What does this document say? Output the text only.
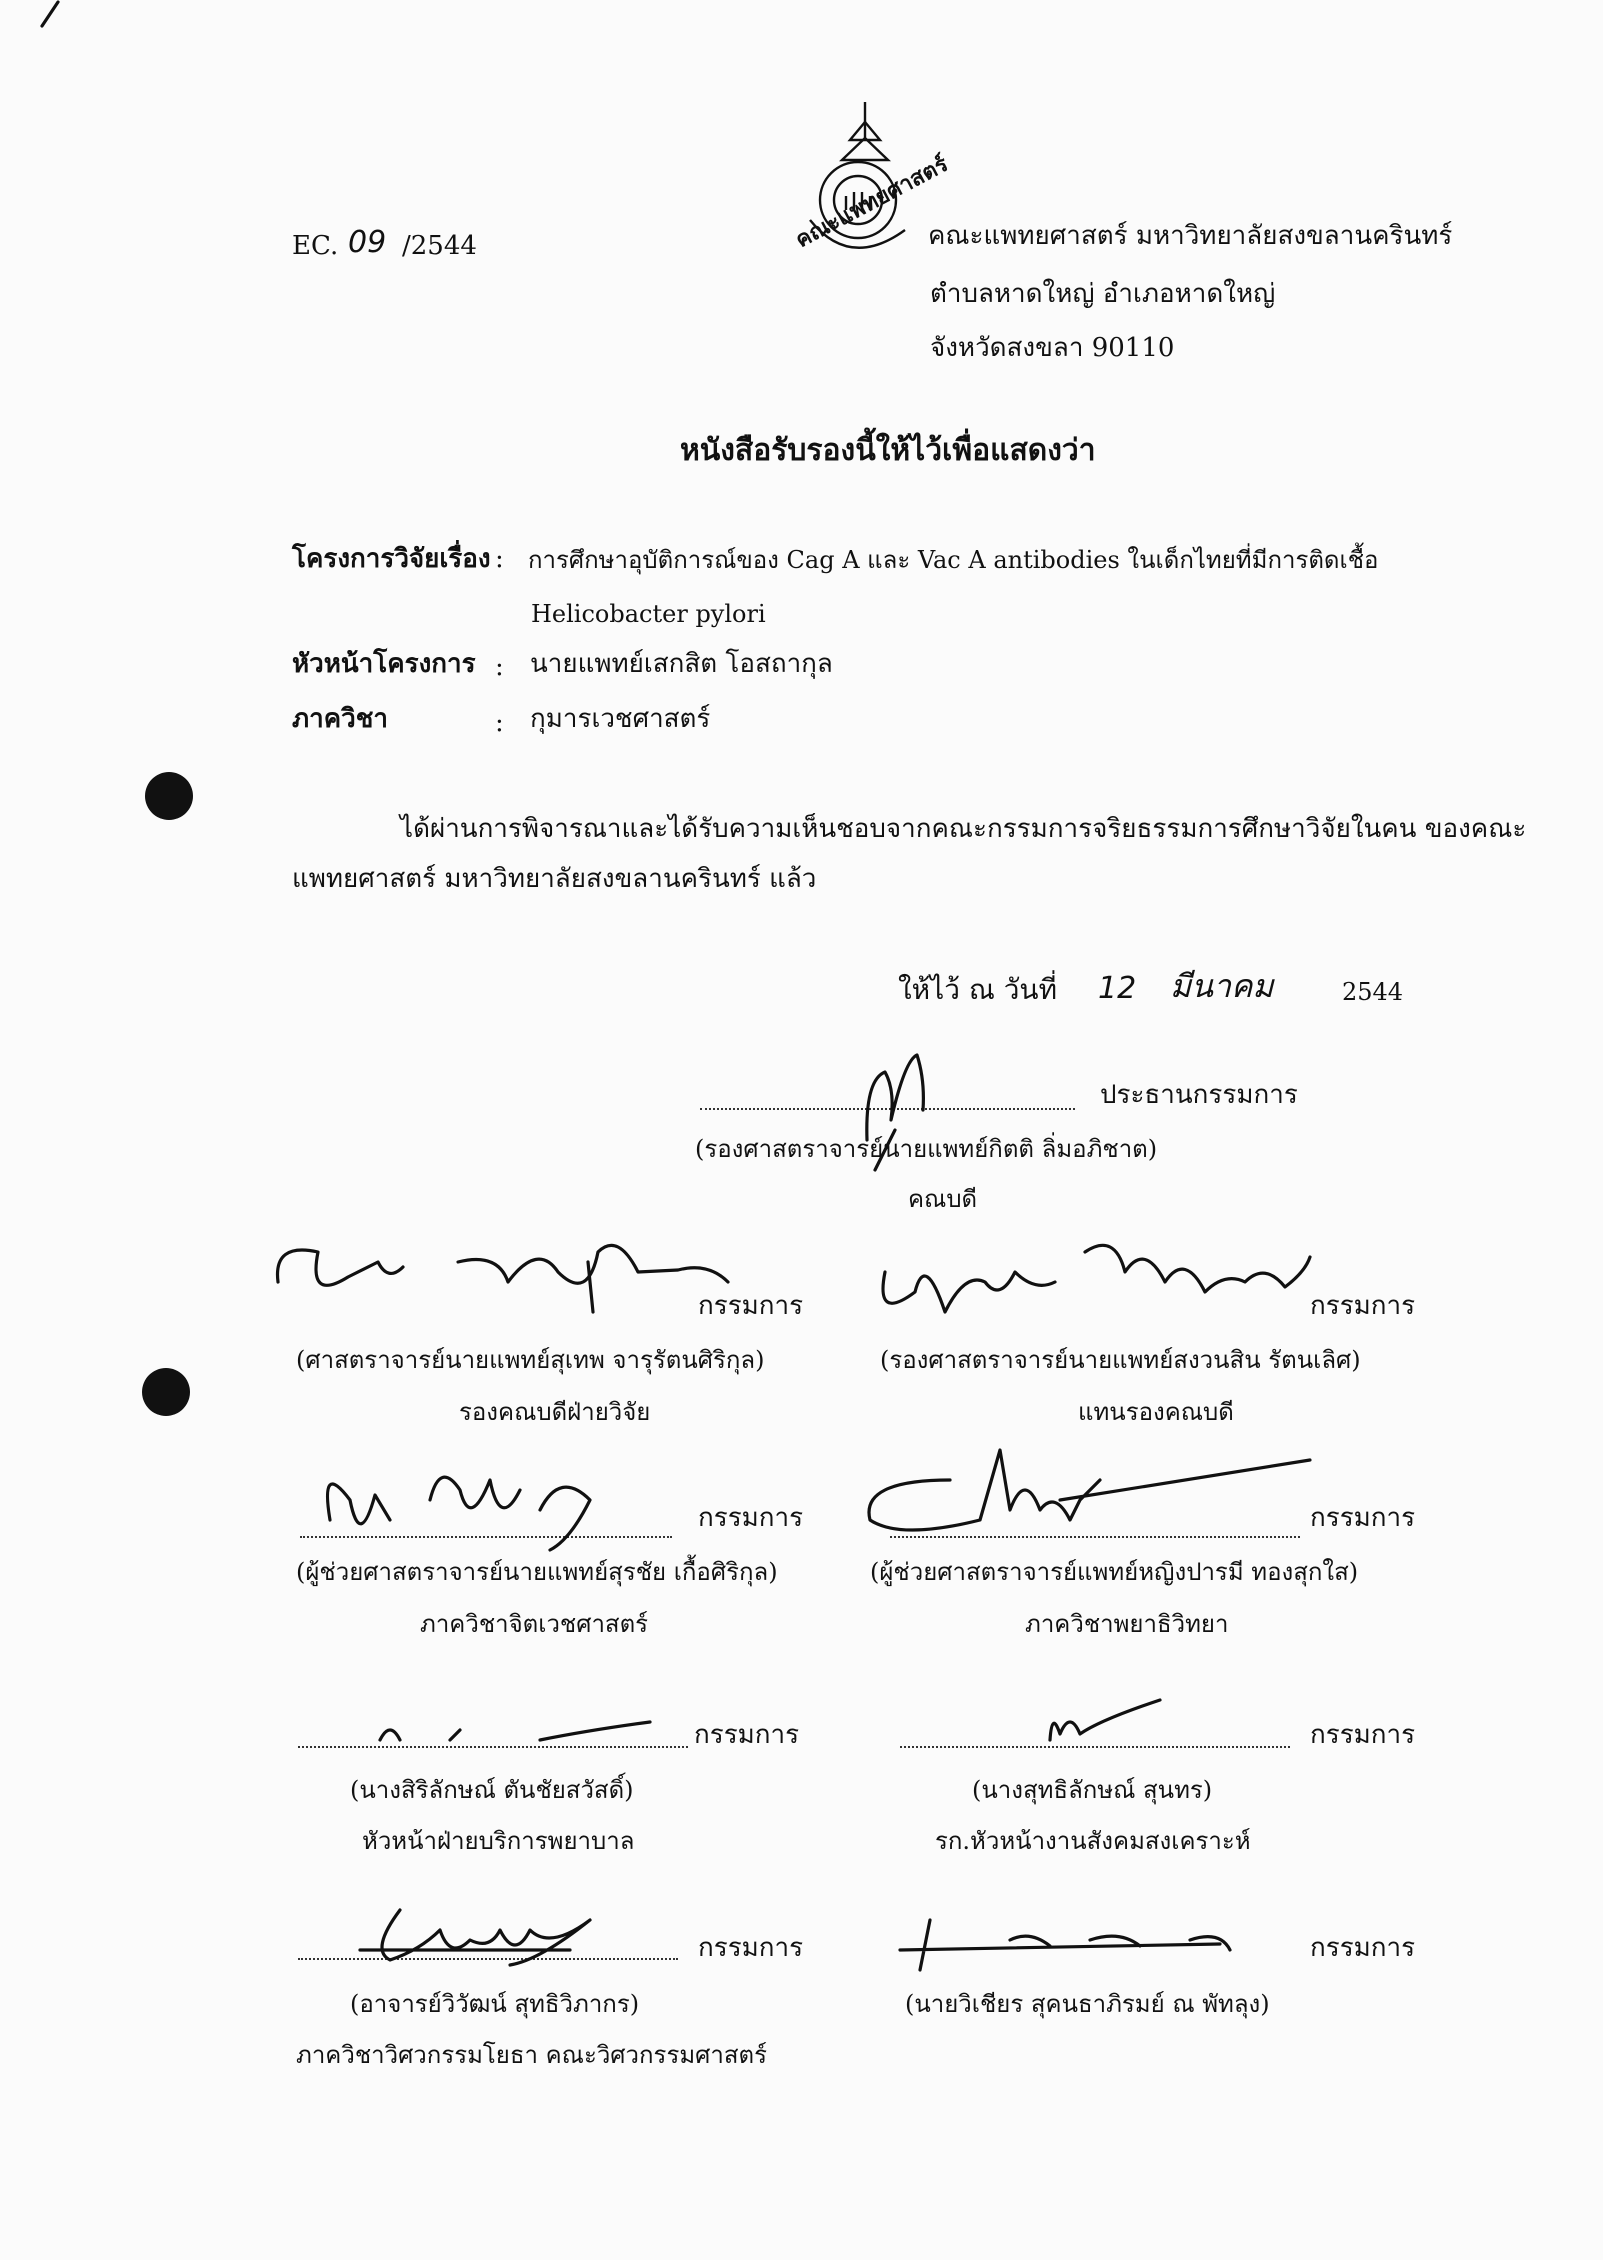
คณะแพทยศาสตร์
EC. 09 /2544	คณะแพทยศาสตร์ มหาวิทยาลัยสงขลานครินทร์
ตำบลหาดใหญ่ อำเภอหาดใหญ่
จังหวัดสงขลา 90110
หนังสือรับรองนี้ให้ไว้เพื่อแสดงว่า
โครงการวิจัยเรื่อง : การศึกษาอุบัติการณ์ของ Cag A และ Vac A antibodies ในเด็กไทยที่มีการติดเชื้อ
Helicobacter pylori
หัวหน้าโครงการ : นายแพทย์เสกสิต โอสถากุล
ภาควิชา	: กุมารเวชศาสตร์
ได้ผ่านการพิจารณาและได้รับความเห็นชอบจากคณะกรรมการจริยธรรมการศึกษาวิจัยในคน ของคณะ
แพทยศาสตร์ มหาวิทยาลัยสงขลานครินทร์ แล้ว
ให้ไว้ ณ วันที่ 12 มีนาคม	2544
ประธานกรรมการ
(รองศาสตราจารย์นายแพทย์กิตติ ลิ่มอภิชาต)
คณบดี
กรรมการ
(ศาสตราจารย์นายแพทย์สุเทพ จารุรัตนศิริกุล)
รองคณบดีฝ่ายวิจัย
กรรมการ
(รองศาสตราจารย์นายแพทย์สงวนสิน รัตนเลิศ)
แทนรองคณบดี
กรรมการ
(ผู้ช่วยศาสตราจารย์นายแพทย์สุรชัย เกื้อศิริกุล)
ภาควิชาจิตเวชศาสตร์
กรรมการ
(ผู้ช่วยศาสตราจารย์แพทย์หญิงปารมี ทองสุกใส)
ภาควิชาพยาธิวิทยา
กรรมการ
(นางสิริลักษณ์ ตันชัยสวัสดิ์)
หัวหน้าฝ่ายบริการพยาบาล
กรรมการ
(นางสุทธิลักษณ์ สุนทร)
รก.หัวหน้างานสังคมสงเคราะห์
กรรมการ
(อาจารย์วิวัฒน์ สุทธิวิภากร)
ภาควิชาวิศวกรรมโยธา คณะวิศวกรรมศาสตร์
กรรมการ
(นายวิเชียร สุคนธาภิรมย์ ณ พัทลุง)
